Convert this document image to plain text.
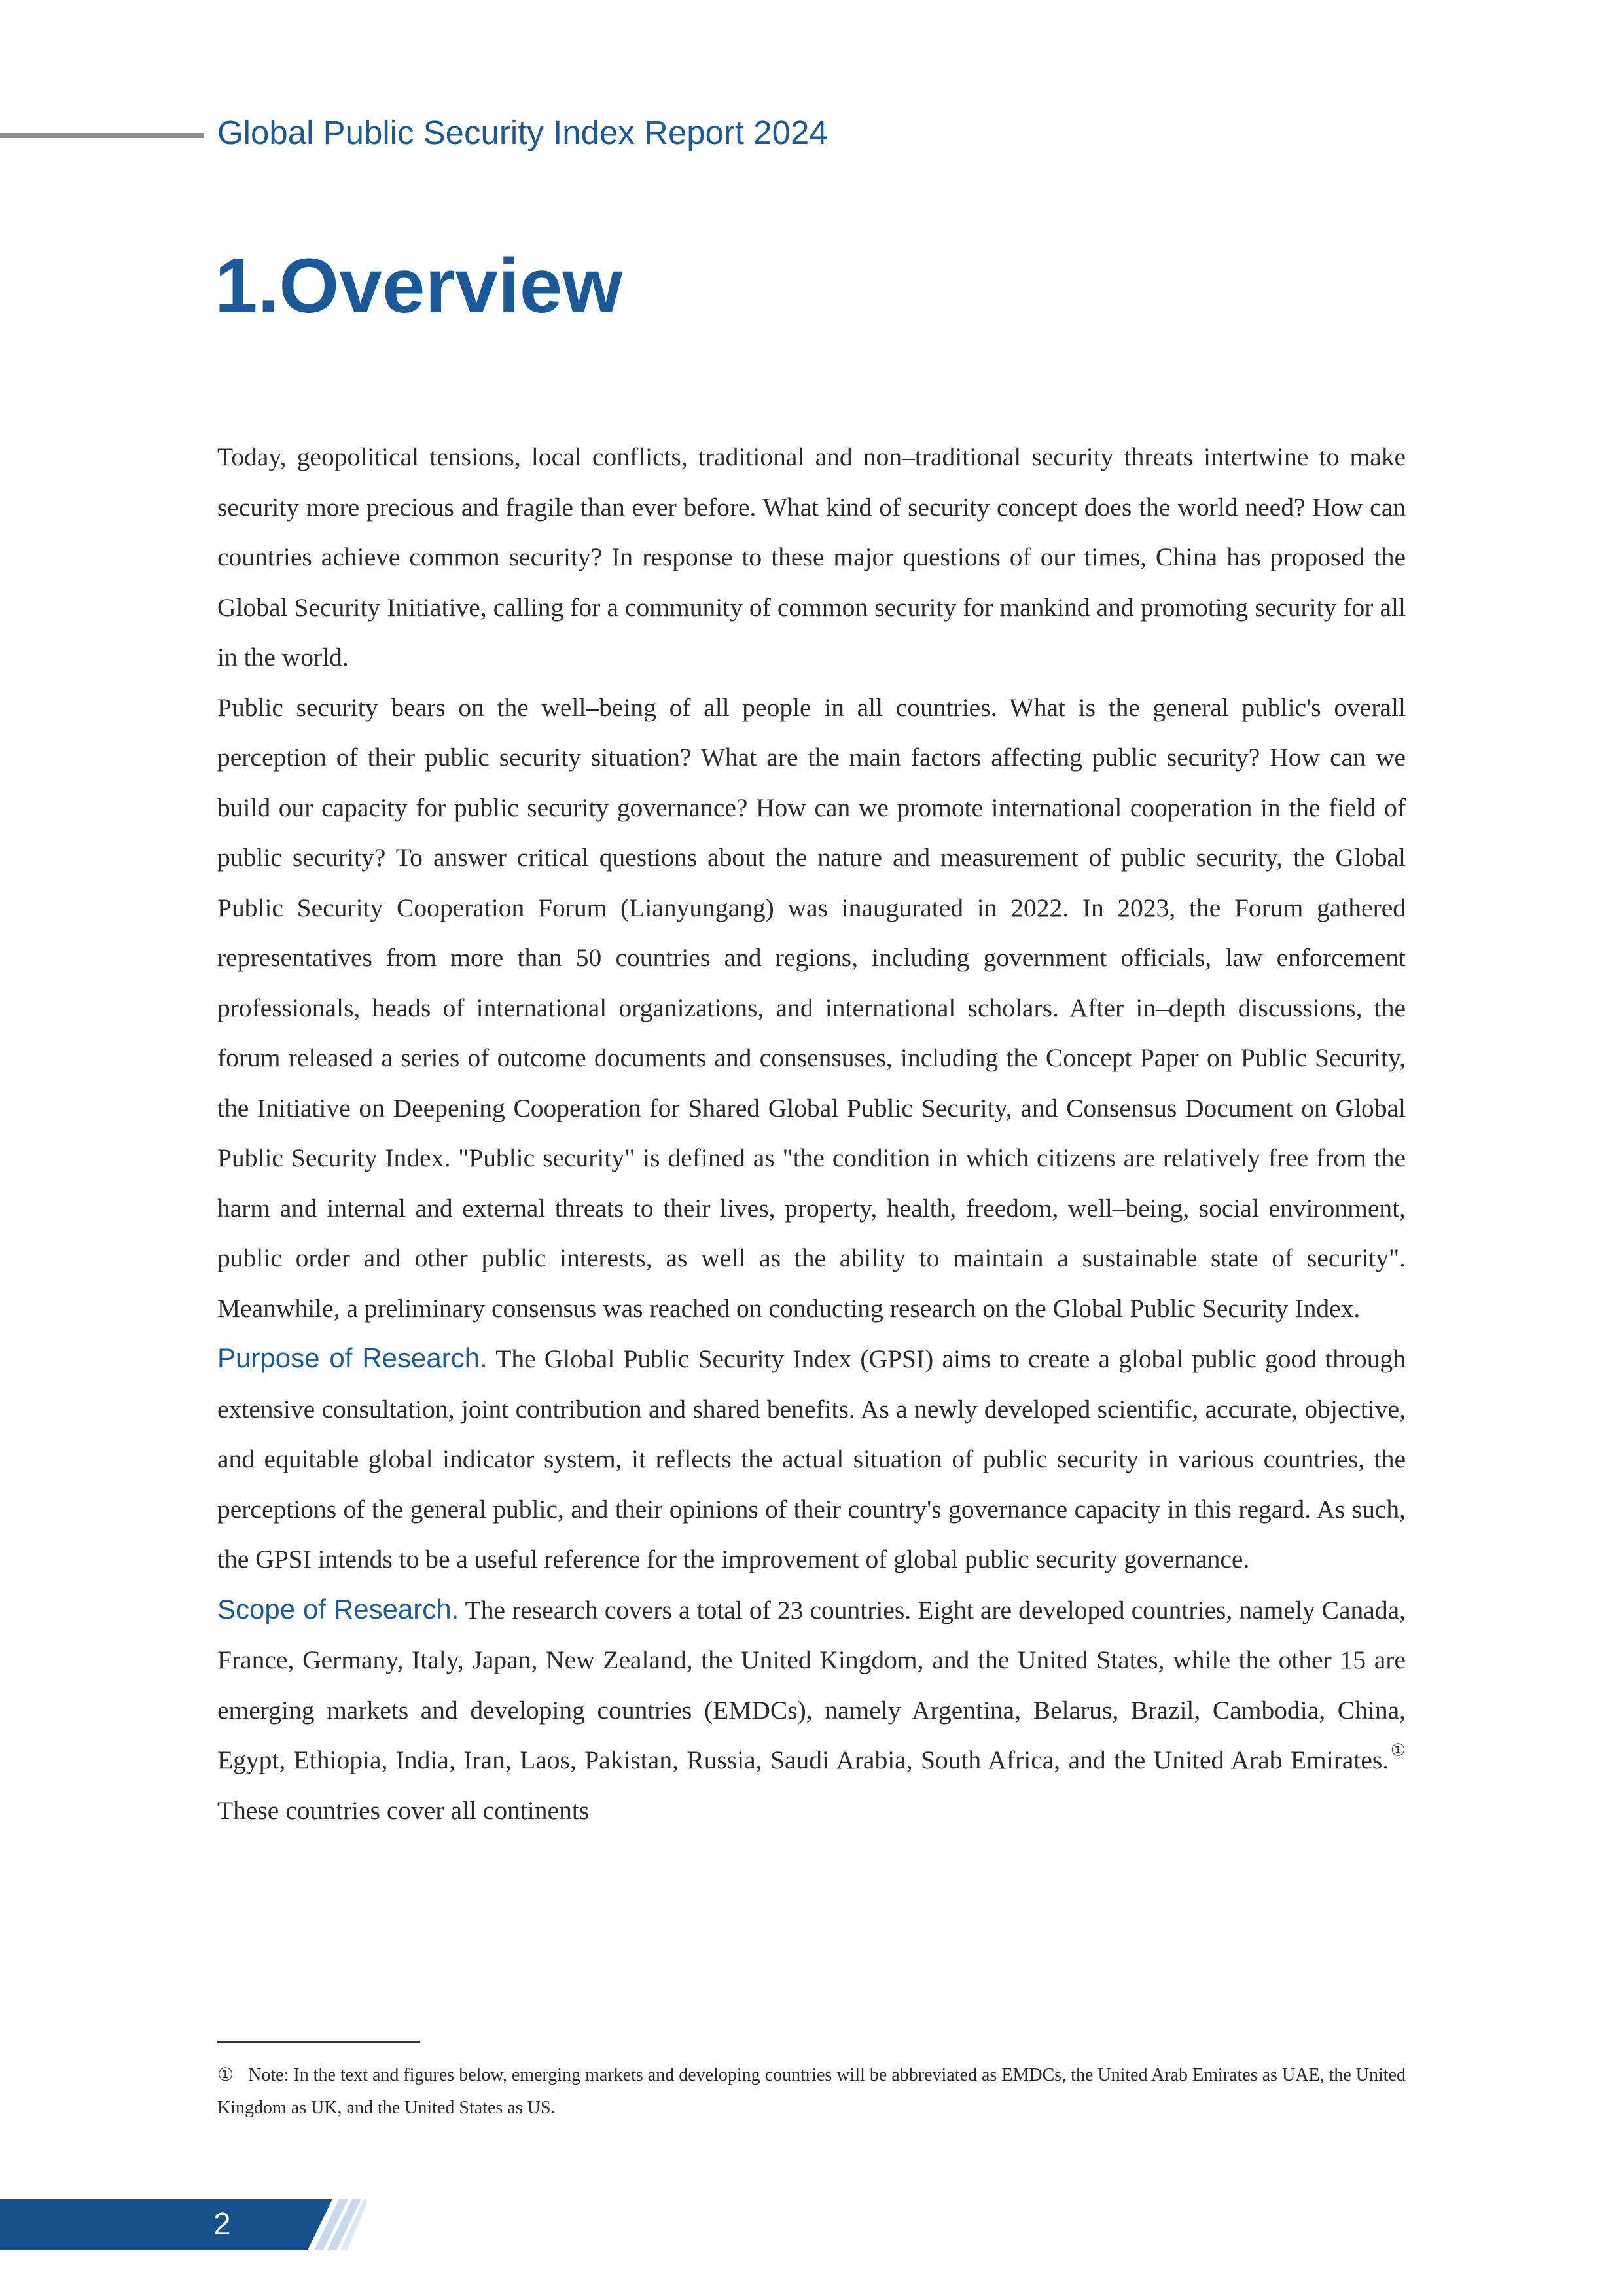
Global Public Security Index Report 2024
1.Overview

Today, geopolitical tensions, local conflicts, traditional and non–traditional security threats intertwine to make security more precious and fragile than ever before. What kind of security concept does the world need? How can countries achieve common security? In response to these major questions of our times, China has proposed the Global Security Initiative, calling for a community of common security for mankind and promoting security for all in the world.

Public security bears on the well–being of all people in all countries. What is the general public's overall perception of their public security situation? What are the main factors affecting public security? How can we build our capacity for public security governance? How can we promote international cooperation in the field of public security? To answer critical questions about the nature and measurement of public security, the Global Public Security Cooperation Forum (Lianyungang) was inaugurated in 2022. In 2023, the Forum gathered representatives from more than 50 countries and regions, including government officials, law enforcement professionals, heads of international organizations, and international scholars. After in–depth discussions, the forum released a series of outcome documents and consensuses, including the Concept Paper on Public Security, the Initiative on Deepening Cooperation for Shared Global Public Security, and Consensus Document on Global Public Security Index. "Public security" is defined as "the condition in which citizens are relatively free from the harm and internal and external threats to their lives, property, health, freedom, well–being, social environment, public order and other public interests, as well as the ability to maintain a sustainable state of security". Meanwhile, a preliminary consensus was reached on conducting research on the Global Public Security Index.

Purpose of Research. The Global Public Security Index (GPSI) aims to create a global public good through extensive consultation, joint contribution and shared benefits. As a newly developed scientific, accurate, objective, and equitable global indicator system, it reflects the actual situation of public security in various countries, the perceptions of the general public, and their opinions of their country's governance capacity in this regard. As such, the GPSI intends to be a useful reference for the improvement of global public security governance.

Scope of Research. The research covers a total of 23 countries. Eight are developed countries, namely Canada, France, Germany, Italy, Japan, New Zealand, the United Kingdom, and the United States, while the other 15 are emerging markets and developing countries (EMDCs), namely Argentina, Belarus, Brazil, Cambodia, China, Egypt, Ethiopia, India, Iran, Laos, Pakistan, Russia, Saudi Arabia, South Africa, and the United Arab Emirates.① These countries cover all continents

① Note: In the text and figures below, emerging markets and developing countries will be abbreviated as EMDCs, the United Arab Emirates as UAE, the United Kingdom as UK, and the United States as US.
2
